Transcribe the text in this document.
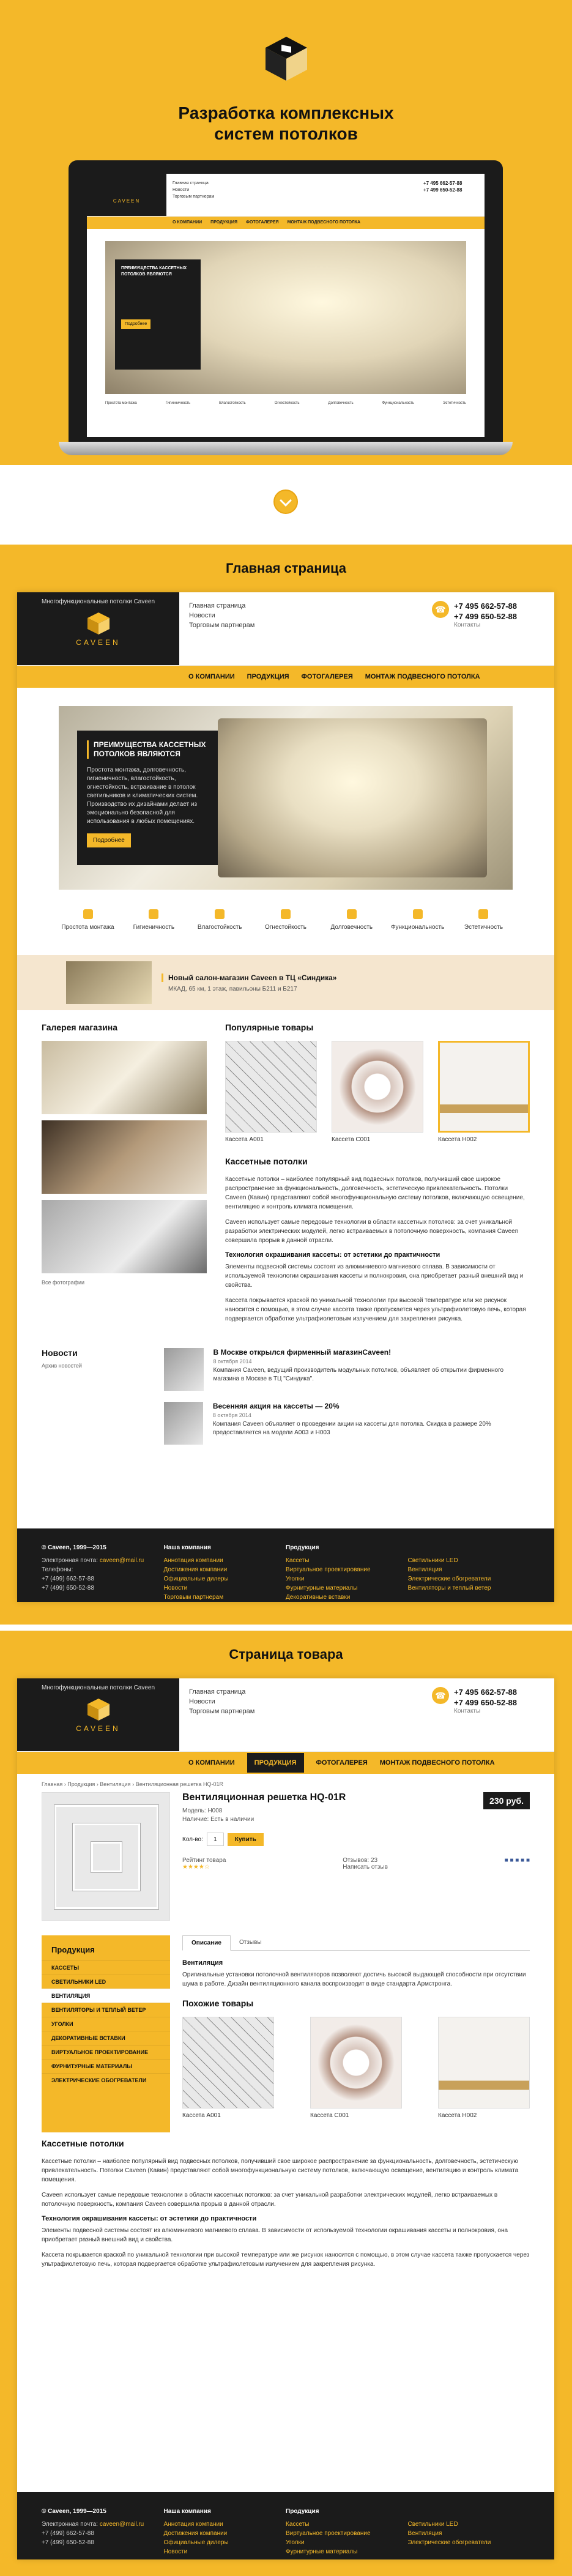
Разработка комплексных
систем потолков
CAVEEN
Главная страница
Новости
Торговым партнерам
+7 495 662-57-88
+7 499 650-52-88
О КОМПАНИИ ПРОДУКЦИЯ ФОТОГАЛЕРЕЯ МОНТАЖ ПОДВЕСНОГО ПОТОЛКА
ПРЕИМУЩЕСТВА КАССЕТНЫХ ПОТОЛКОВ ЯВЛЯЮТСЯ
Подробнее
Простота монтажа	Гигиеничность	Влагостойкость	Огнестойкость	Долговечность	Функциональность	Эстетичность
Главная страница
Многофункциональные потолки Caveen
CAVEEN
Главная страница
Новости
Торговым партнерам
☎	+7 495 662-57-88
+7 499 650-52-88
Контакты
О КОМПАНИИ ПРОДУКЦИЯ ФОТОГАЛЕРЕЯ МОНТАЖ ПОДВЕСНОГО ПОТОЛКА
ПРЕИМУЩЕСТВА КАССЕТНЫХ ПОТОЛКОВ ЯВЛЯЮТСЯ
Простота монтажа, долговечность, гигиеничность, влагостойкость, огнестойкость, встраивание в потолок светильников и климатических систем. Производство их дизайнами делает из эмоционально безопасной для использования в любых помещениях.
Подробнее
Простота монтажа	Гигиеничность	Влагостойкость	Огнестойкость	Долговечность	Функциональность	Эстетичность
Новый салон-магазин Caveen в ТЦ «Синдика»
МКАД, 65 км, 1 этаж, павильоны Б211 и Б217
Галерея магазина
Все фотографии
Популярные товары
Кассета А001	Кассета С001	Кассета Н002
Кассетные потолки
Кассетные потолки – наиболее популярный вид подвесных потолков, получивший свое широкое распространение за функциональность, долговечность, эстетическую привлекательность. Потолки Caveen (Кавин) представляют собой многофункциональную систему потолков, включающую освещение, вентиляцию и контроль климата помещения.
Caveen использует самые передовые технологии в области кассетных потолков: за счет уникальной разработки электрических модулей, легко встраиваемых в потолочную поверхность, компания Caveen совершила прорыв в данной отрасли.
Технология окрашивания кассеты: от эстетики до практичности
Элементы подвесной системы состоят из алюминиевого магниевого сплава. В зависимости от используемой технологии окрашивания кассеты и полнокровия, она приобретает разный внешний вид и свойства.
Кассета покрывается краской по уникальной технологии при высокой температуре или же рисунок наносится с помощью, в этом случае кассета также пропускается через ультрафиолетовую печь, которая подвергается обработке ультрафиолетовым излучением для закрепления рисунка.
Новости
Архив новостей
В Москве открылся фирменный магазинCaveen!
8 октября 2014
Компания Caveen, ведущий производитель модульных потолков, объявляет об открытии фирменного магазина в Москве в ТЦ "Синдика".
Весенняя акция на кассеты — 20%
8 октября 2014
Компания Caveen объявляет о проведении акции на кассеты для потолка. Скидка в размере 20% предоставляется на модели А003 и Н003
© Caveen, 1999—2015
Электронная почта: caveen@mail.ru
Телефоны:
+7 (499) 662-57-88
+7 (499) 650-52-88
Наша компания
Аннотация компании
Достижения компании
Официальные дилеры
Новости
Торговым партнерам
Продукция
Кассеты
Виртуальное проектирование
Уголки
Фурнитурные материалы
Декоративные вставки

Светильники LED
Вентиляция
Электрические обогреватели
Вентиляторы и теплый ветер
Страница товара
Многофункциональные потолки Caveen
CAVEEN
Главная страница
Новости
Торговым партнерам
☎	+7 495 662-57-88
+7 499 650-52-88
Контакты
О КОМПАНИИ	ПРОДУКЦИЯ	ФОТОГАЛЕРЕЯ МОНТАЖ ПОДВЕСНОГО ПОТОЛКА
Главная › Продукция › Вентиляция › Вентиляционная решетка HQ-01R
230 руб.
Вентиляционная решетка HQ-01R
Модель: H008
Наличие: Есть в наличии
Кол-во:	1	Купить
Рейтинг товара
★★★★☆
Отзывов: 23
Написать отзыв
■ ■ ■ ■ ■
Продукция
КАССЕТЫ
СВЕТИЛЬНИКИ LED
ВЕНТИЛЯЦИЯ
ВЕНТИЛЯТОРЫ И ТЕПЛЫЙ ВЕТЕР
УГОЛКИ
ДЕКОРАТИВНЫЕ ВСТАВКИ
ВИРТУАЛЬНОЕ ПРОЕКТИРОВАНИЕ
ФУРНИТУРНЫЕ МАТЕРИАЛЫ
ЭЛЕКТРИЧЕСКИЕ ОБОГРЕВАТЕЛИ
Описание	Отзывы
Вентиляция
Оригинальные установки потолочной вентиляторов позволяют достичь высокой выдающей способности при отсутствии шума в работе. Дизайн вентиляционного канала воспроизводит в виде стандарта Армстронга.
Похожие товары
Кассета А001	Кассета С001	Кассета Н002
Кассетные потолки
Кассетные потолки – наиболее популярный вид подвесных потолков, получивший свое широкое распространение за функциональность, долговечность, эстетическую привлекательность. Потолки Caveen (Кавин) представляют собой многофункциональную систему потолков, включающую освещение, вентиляцию и контроль климата помещения.
Caveen использует самые передовые технологии в области кассетных потолков: за счет уникальной разработки электрических модулей, легко встраиваемых в потолочную поверхность, компания Caveen совершила прорыв в данной отрасли.
Технология окрашивания кассеты: от эстетики до практичности
Элементы подвесной системы состоят из алюминиевого магниевого сплава. В зависимости от используемой технологии окрашивания кассеты и полнокровия, она приобретает разный внешний вид и свойства.
Кассета покрывается краской по уникальной технологии при высокой температуре или же рисунок наносится с помощью, в этом случае кассета также пропускается через ультрафиолетовую печь, которая подвергается обработке ультрафиолетовым излучением для закрепления рисунка.
© Caveen, 1999—2015
Электронная почта: caveen@mail.ru
+7 (499) 662-57-88
+7 (499) 650-52-88
Наша компания
Аннотация компании
Достижения компании
Официальные дилеры
Новости
Продукция
Кассеты
Виртуальное проектирование
Уголки
Фурнитурные материалы

Светильники LED
Вентиляция
Электрические обогреватели
